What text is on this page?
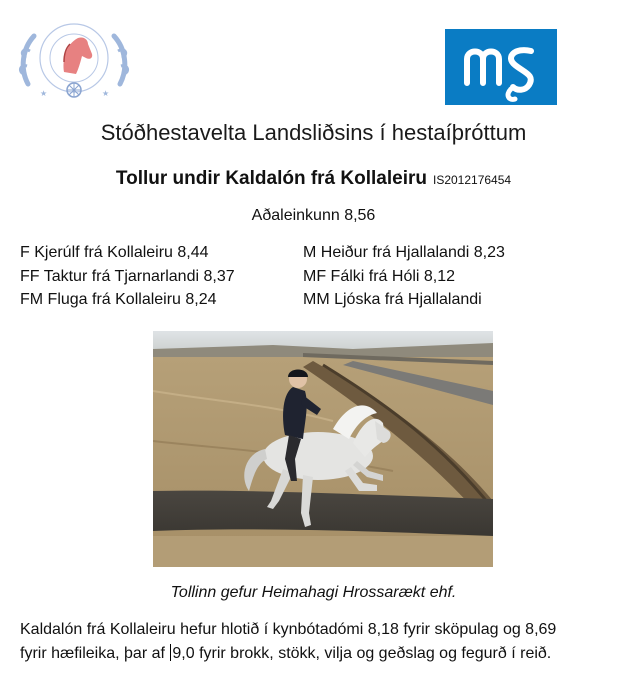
★	★
Stóðhestavelta Landsliðsins í hestaíþróttum
Tollur undir Kaldalón frá Kollaleiru IS2012176454
Aðaleinkunn 8,56
F Kjerúlf frá Kollaleiru 8,44
FF Taktur frá Tjarnarlandi 8,37
FM Fluga frá Kollaleiru 8,24
M Heiður frá Hjallalandi 8,23
MF Fálki frá Hóli 8,12
MM Ljóska frá Hjallalandi
Tollinn gefur Heimahagi Hrossarækt ehf.
Kaldalón frá Kollaleiru hefur hlotið í kynbótadómi 8,18 fyrir sköpulag og 8,69
fyrir hæfileika, þar af 9,0 fyrir brokk, stökk, vilja og geðslag og fegurð í reið.
